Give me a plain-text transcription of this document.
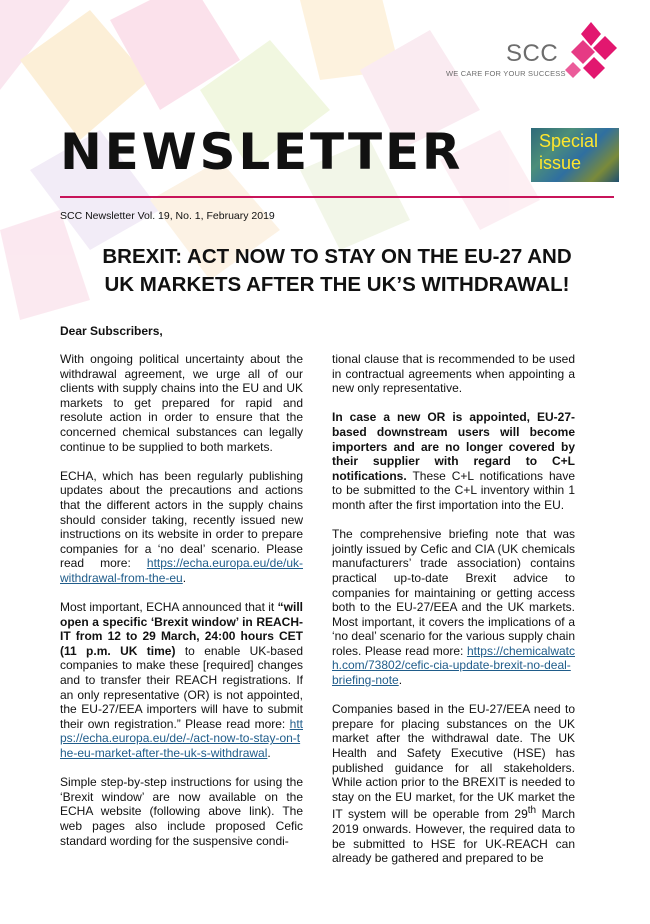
SCC
WE CARE FOR YOUR SUCCESS
NEWSLETTER	Special issue
SCC Newsletter Vol. 19, No. 1, February 2019
BREXIT: ACT NOW TO STAY ON THE EU-27 AND
UK MARKETS AFTER THE UK’S WITHDRAWAL!
Dear Subscribers,

With ongoing political uncertainty about the withdrawal agreement, we urge all of our clients with supply chains into the EU and UK markets to get prepared for rapid and resolute action in order to ensure that the concerned chemical substances can legally continue to be supplied to both markets.

ECHA, which has been regularly publishing updates about the precautions and actions that the different actors in the supply chains should consider taking, recently issued new instructions on its website in order to prepare companies for a ‘no deal’ scenario. Please read more: https://echa.europa.eu/de/uk-withdrawal-from-the-eu.

Most important, ECHA announced that it “will open a specific ‘Brexit window’ in REACH-IT from 12 to 29 March, 24:00 hours CET (11 p.m. UK time) to enable UK-based companies to make these [required] changes and to transfer their REACH registrations. If an only representative (OR) is not appointed, the EU-27/EEA importers will have to submit their own registration.” Please read more: https://echa.europa.eu/de/-/act-now-to-stay-on-the-eu-market-after-the-uk-s-withdrawal.

Simple step-by-step instructions for using the ‘Brexit window’ are now available on the ECHA website (following above link). The web pages also include proposed Cefic standard wording for the suspensive condi-

tional clause that is recommended to be used in contractual agreements when appointing a new only representative.

In case a new OR is appointed, EU-27-based downstream users will become importers and are no longer covered by their supplier with regard to C+L notifications. These C+L notifications have to be submitted to the C+L inventory within 1 month after the first importation into the EU.

The comprehensive briefing note that was jointly issued by Cefic and CIA (UK chemicals manufacturers’ trade association) contains practical up-to-date Brexit advice to companies for maintaining or getting access both to the EU-27/EEA and the UK markets. Most important, it covers the implications of a ‘no deal’ scenario for the various supply chain roles. Please read more: https://chemicalwatch.com/73802/cefic-cia-update-brexit-no-deal-briefing-note.

Companies based in the EU-27/EEA need to prepare for placing substances on the UK market after the withdrawal date. The UK Health and Safety Executive (HSE) has published guidance for all stakeholders. While action prior to the BREXIT is needed to stay on the EU market, for the UK market the IT system will be operable from 29th March 2019 onwards. However, the required data to be submitted to HSE for UK-REACH can already be gathered and prepared to be
